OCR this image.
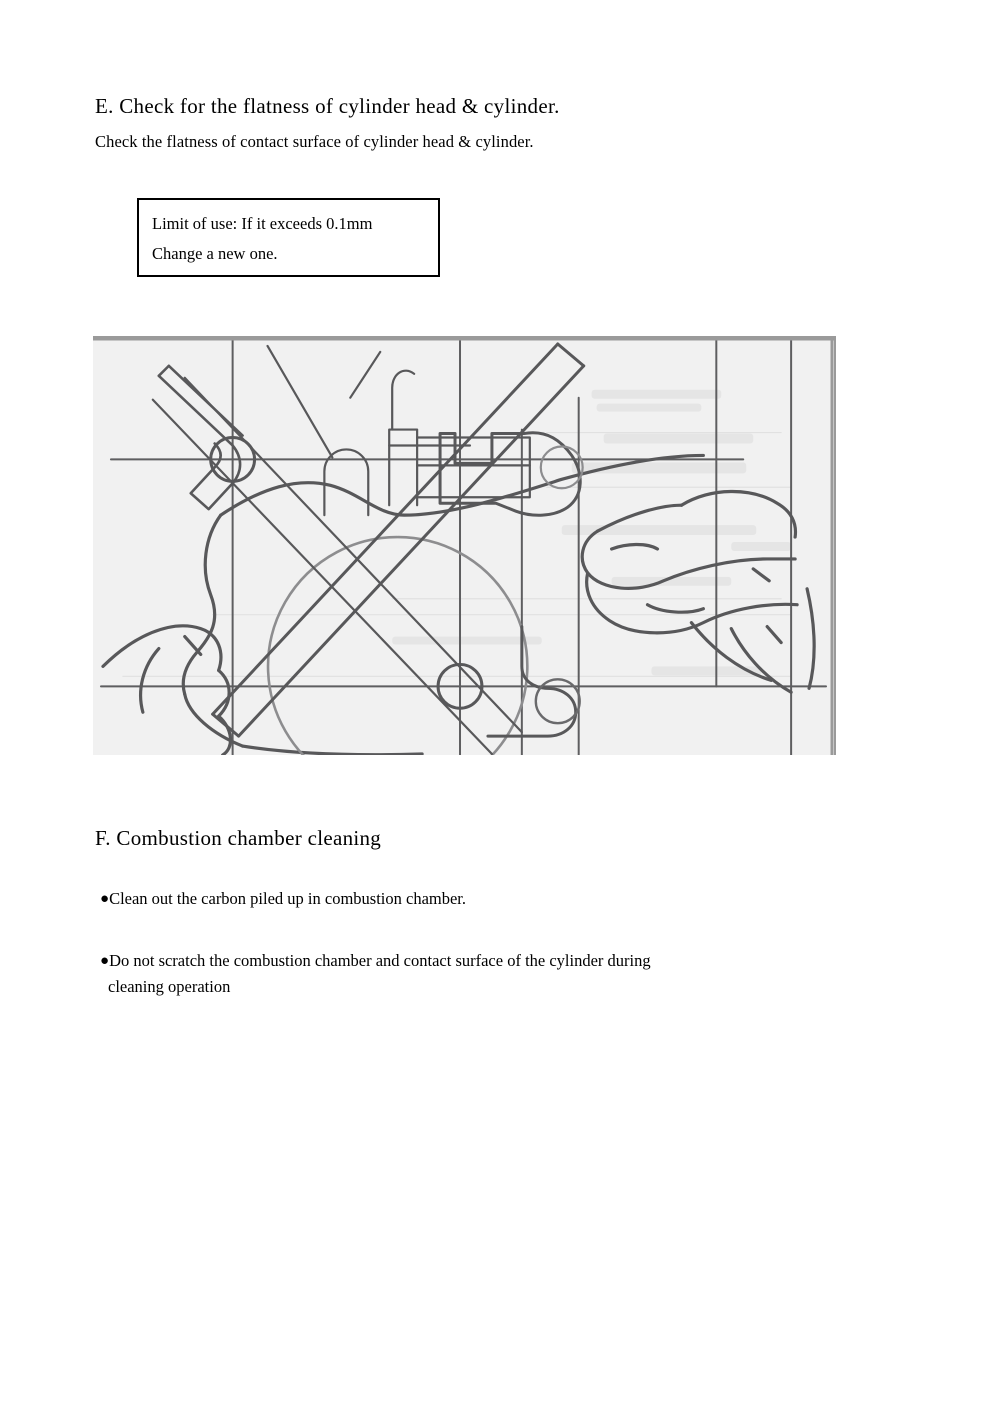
E. Check for the flatness of cylinder head & cylinder.
Check the flatness of contact surface of cylinder head & cylinder.
Limit of use: If it exceeds 0.1mm
Change a new one.
F. Combustion chamber cleaning
●Clean out the carbon piled up in combustion chamber.
●Do not scratch the combustion chamber and contact surface of the cylinder during
cleaning operation
